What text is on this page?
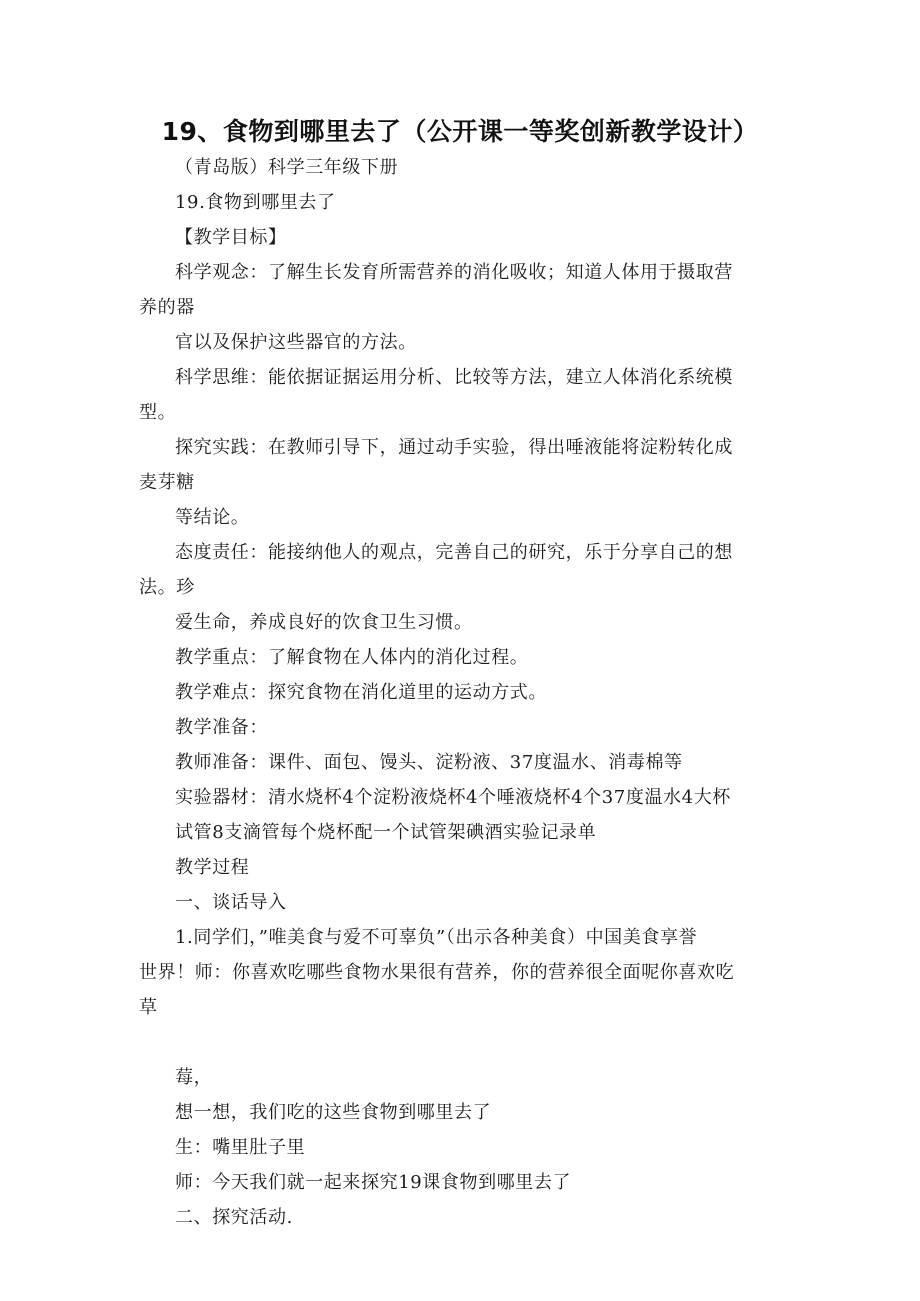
19、食物到哪里去了（公开课一等奖创新教学设计）
（青岛版）科学三年级下册
19.食物到哪里去了
【教学目标】
科学观念：了解生长发育所需营养的消化吸收；知道人体用于摄取营
养的器
官以及保护这些器官的方法。
科学思维：能依据证据运用分析、比较等方法，建立人体消化系统模
型。
探究实践：在教师引导下，通过动手实验，得出唾液能将淀粉转化成
麦芽糖
等结论。
态度责任：能接纳他人的观点，完善自己的研究，乐于分享自己的想
法。珍
爱生命，养成良好的饮食卫生习惯。
教学重点：了解食物在人体内的消化过程。
教学难点：探究食物在消化道里的运动方式。
教学准备：
教师准备：课件、面包、馒头、淀粉液、37度温水、消毒棉等
实验器材：清水烧杯4个淀粉液烧杯4个唾液烧杯4个37度温水4大杯
试管8支滴管每个烧杯配一个试管架碘酒实验记录单
教学过程
一、谈话导入
1.同学们，”唯美食与爱不可辜负”（出示各种美食）中国美食享誉
世界！师：你喜欢吃哪些食物水果很有营养，你的营养很全面呢你喜欢吃
草
莓，
想一想，我们吃的这些食物到哪里去了
生：嘴里肚子里
师：今天我们就一起来探究19课食物到哪里去了
二、探究活动.
